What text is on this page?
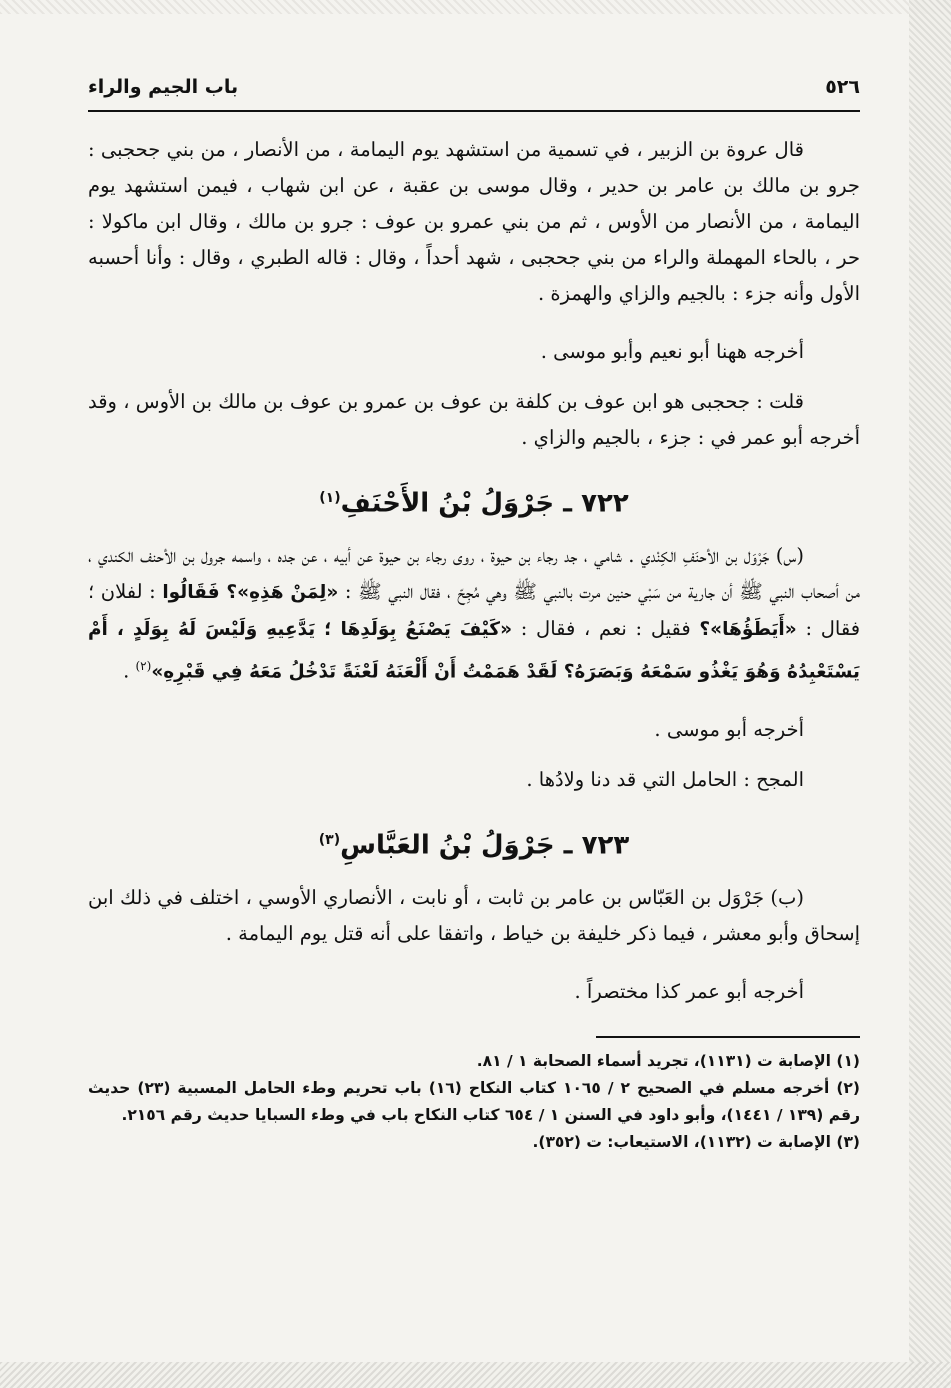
٥٢٦
باب الجيم والراء

قال عروة بن الزبير ، في تسمية من استشهد يوم اليمامة ، من الأنصار ، من بني جحجبى : جرو بن مالك بن عامر بن حدير ، وقال موسى بن عقبة ، عن ابن شهاب ، فيمن استشهد يوم اليمامة ، من الأنصار من الأوس ، ثم من بني عمرو بن عوف : جرو بن مالك ، وقال ابن ماكولا : حر ، بالحاء المهملة والراء من بني جحجبى ، شهد أحداً ، وقال : قاله الطبري ، وقال : وأنا أحسبه الأول وأنه جزء : بالجيم والزاي والهمزة .

أخرجه ههنا أبو نعيم وأبو موسى .

قلت : جحجبى هو ابن عوف بن كلفة بن عوف بن عمرو بن عوف بن مالك بن الأوس ، وقد أخرجه أبو عمر في : جزء ، بالجيم والزاي .

٧٢٢ ـ جَرْوَلُ بْنُ الأَحْنَفِ$^{(١)}$

(س) جَرْوَل بن الأحنَفِ الكِنْدي . شامي ، جد رجاء بن حيوة ، روى رجاء بن حيوة عن أبيه ، عن جده ، واسمه جرول بن الأحنف الكندي ، من أصحاب النبي ﷺ أن جارية من سَبْي حنين مرت بالنبي ﷺ وهي مُجِحّ ، فقال النبي ﷺ : «لِمَنْ هَذِهِ»؟ فَقَالُوا : لفلان ؛ فقال : «أَيَطَؤُهَا»؟ فقيل : نعم ، فقال : «كَيْفَ يَصْنَعُ بِوَلَدِهَا ؛ يَدَّعِيهِ وَلَيْسَ لَهُ بِوَلَدٍ ، أَمْ يَسْتَعْبِدُهُ وَهُوَ يَغْذُو سَمْعَهُ وَبَصَرَهُ؟ لَقَدْ هَمَمْتُ أَنْ أَلْعَنَهُ لَعْنَةً تَدْخُلُ مَعَهُ فِي قَبْرِهِ»$^{(٢)}$ .

أخرجه أبو موسى .

المجح : الحامل التي قد دنا ولادُها .

٧٢٣ ـ جَرْوَلُ بْنُ العَبَّاسِ$^{(٣)}$

(ب) جَرْوَل بن العَبّاس بن عامر بن ثابت ، أو نابت ، الأنصاري الأوسي ، اختلف في ذلك ابن إسحاق وأبو معشر ، فيما ذكر خليفة بن خياط ، واتفقا على أنه قتل يوم اليمامة .

أخرجه أبو عمر كذا مختصراً .

(١) الإصابة ت (١١٣١)، تجريد أسماء الصحابة ١ / ٨١.

(٢) أخرجه مسلم في الصحيح ٢ / ١٠٦٥ كتاب النكاح (١٦) باب تحريم وطء الحامل المسبية (٢٣) حديث رقم (١٣٩ / ١٤٤١)، وأبو داود في السنن ١ / ٦٥٤ كتاب النكاح باب في وطء السبايا حديث رقم ٢١٥٦.

(٣) الإصابة ت (١١٣٢)، الاستيعاب: ت (٣٥٢).
